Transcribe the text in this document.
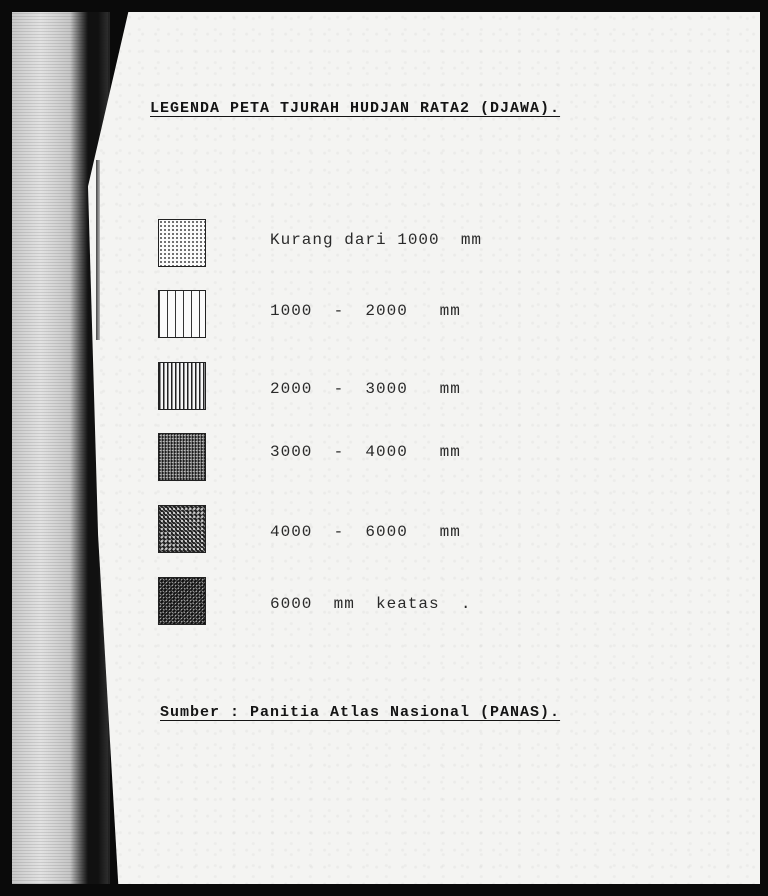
LEGENDA PETA TJURAH HUDJAN RATA2 (DJAWA).
Kurang dari 1000  mm
1000  -  2000   mm
2000  -  3000   mm
3000  -  4000   mm
4000  -  6000   mm
6000  mm  keatas  .
Sumber : Panitia Atlas Nasional (PANAS).
